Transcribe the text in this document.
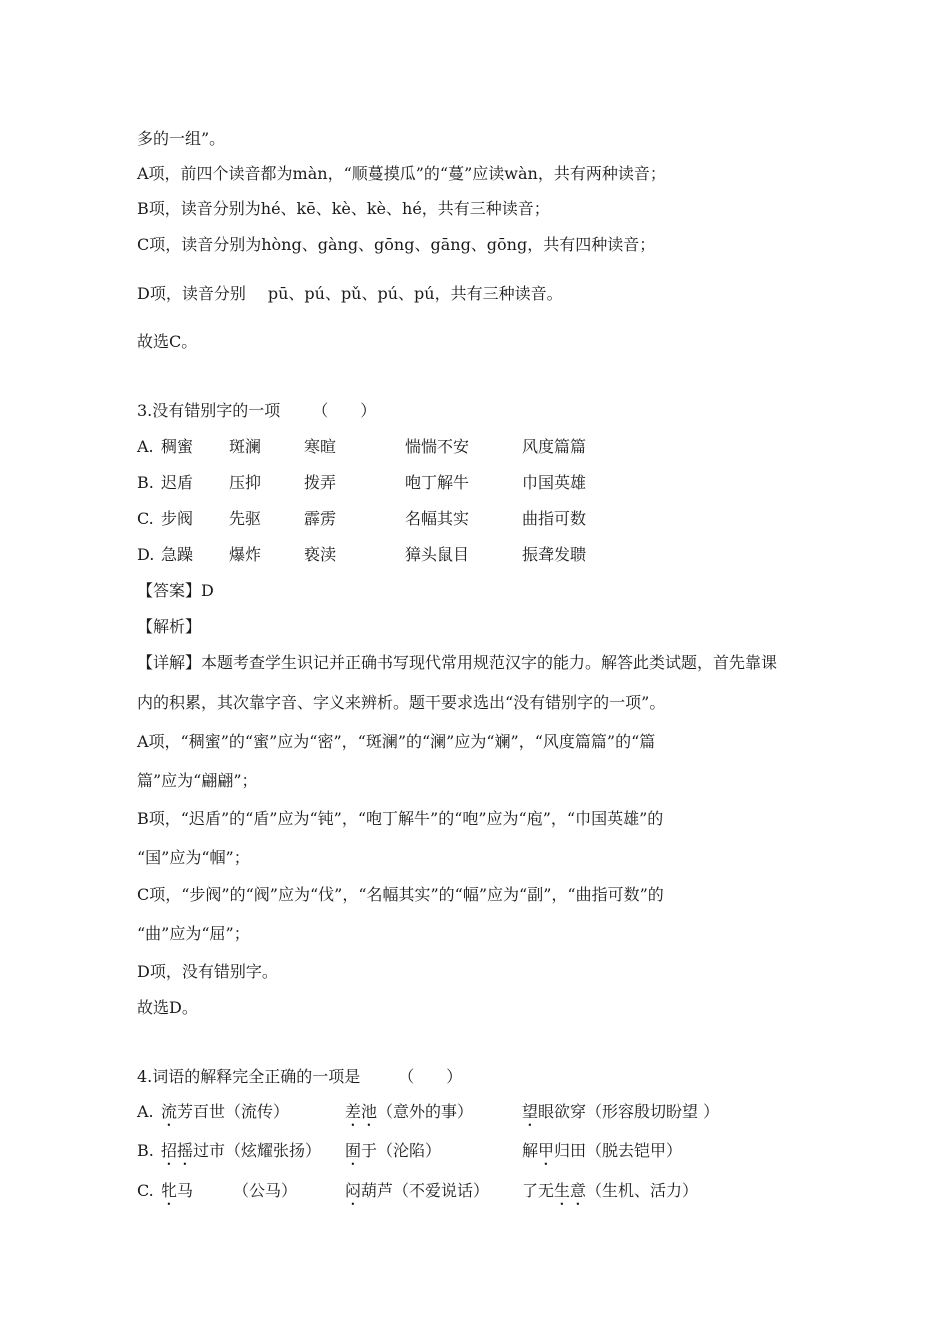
多的一组”。
A项，前四个读音都为màn，“顺蔓摸瓜”的“蔓”应读wàn，共有两种读音；
B项，读音分别为hé、kē、kè、kè、hé，共有三种读音；
C项，读音分别为hòng、gàng、gōng、gāng、gōng，共有四种读音；
D项，读音分别 pū、pú、pǔ、pú、pú，共有三种读音。
故选C。
3.没有错别字的一项 （　　）
A. 稠蜜 斑澜	寒暄	惴惴不安	风度篇篇
B. 迟盾 压抑	拨弄	咆丁解牛	巾国英雄
C. 步阀 先驱	霹雳	名幅其实	曲指可数
D. 急躁 爆炸	亵渎	獐头鼠目	振聋发聩
【答案】D
【解析】
【详解】本题考查学生识记并正确书写现代常用规范汉字的能力。解答此类试题，首先靠课
内的积累，其次靠字音、字义来辨析。题干要求选出“没有错别字的一项”。
A项，“稠蜜”的“蜜”应为“密”，“斑澜”的“澜”应为“斓”，“风度篇篇”的“篇
篇”应为“翩翩”；
B项，“迟盾”的“盾”应为“钝”，“咆丁解牛”的“咆”应为“庖”，“巾国英雄”的
“国”应为“帼”；
C项，“步阀”的“阀”应为“伐”，“名幅其实”的“幅”应为“副”，“曲指可数”的
“曲”应为“屈”；
D项，没有错别字。
故选D。
4.词语的解释完全正确的一项是 （　　）
A. 流芳百世（流传）	差池（意外的事）	望眼欲穿（形容殷切盼望 ）
B. 招摇过市（炫耀张扬） 囿于（沦陷）	解甲归田（脱去铠甲）
C. 牝马　　　（公马）	闷葫芦（不爱说话） 了无生意（生机、活力）
